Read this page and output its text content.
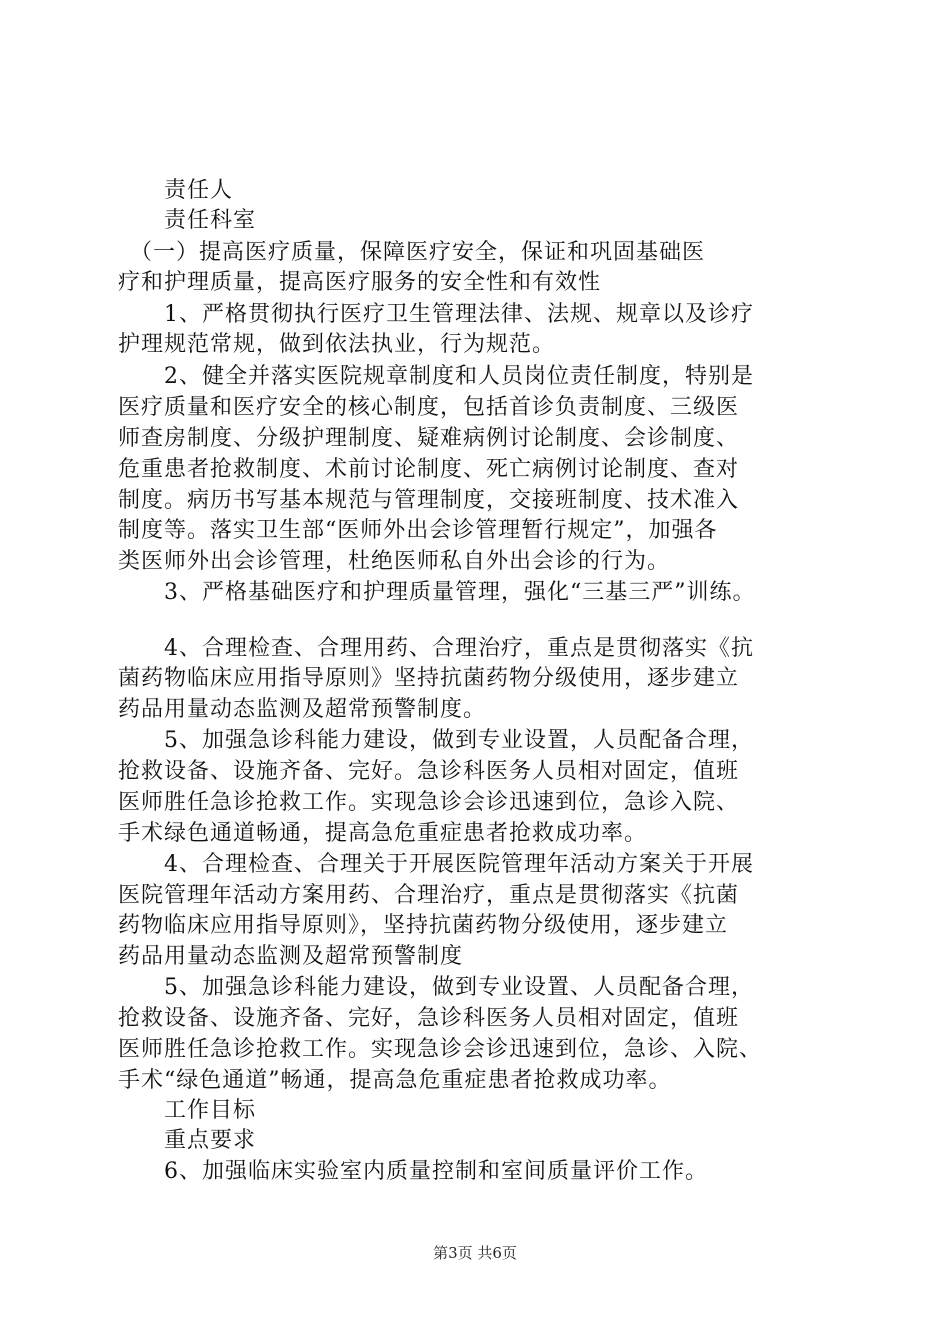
　　责任人
　　责任科室
　（一）提高医疗质量，保障医疗安全，保证和巩固基础医
疗和护理质量，提高医疗服务的安全性和有效性
　　1、严格贯彻执行医疗卫生管理法律、法规、规章以及诊疗
护理规范常规，做到依法执业，行为规范。
　　2、健全并落实医院规章制度和人员岗位责任制度，特别是
医疗质量和医疗安全的核心制度，包括首诊负责制度、三级医
师查房制度、分级护理制度、疑难病例讨论制度、会诊制度、
危重患者抢救制度、术前讨论制度、死亡病例讨论制度、查对
制度。病历书写基本规范与管理制度，交接班制度、技术准入
制度等。落实卫生部“医师外出会诊管理暂行规定”，加强各
类医师外出会诊管理，杜绝医师私自外出会诊的行为。
　　3、严格基础医疗和护理质量管理，强化“三基三严”训练。
　　4、合理检查、合理用药、合理治疗，重点是贯彻落实《抗
菌药物临床应用指导原则》坚持抗菌药物分级使用，逐步建立
药品用量动态监测及超常预警制度。
　　5、加强急诊科能力建设，做到专业设置，人员配备合理，
抢救设备、设施齐备、完好。急诊科医务人员相对固定，值班
医师胜任急诊抢救工作。实现急诊会诊迅速到位，急诊入院、
手术绿色通道畅通，提高急危重症患者抢救成功率。
　　4、合理检查、合理关于开展医院管理年活动方案关于开展
医院管理年活动方案用药、合理治疗，重点是贯彻落实《抗菌
药物临床应用指导原则》，坚持抗菌药物分级使用，逐步建立
药品用量动态监测及超常预警制度
　　5、加强急诊科能力建设，做到专业设置、人员配备合理，
抢救设备、设施齐备、完好，急诊科医务人员相对固定，值班
医师胜任急诊抢救工作。实现急诊会诊迅速到位，急诊、入院、
手术“绿色通道”畅通，提高急危重症患者抢救成功率。
　　工作目标
　　重点要求
　　6、加强临床实验室内质量控制和室间质量评价工作。
第3页 共6页
